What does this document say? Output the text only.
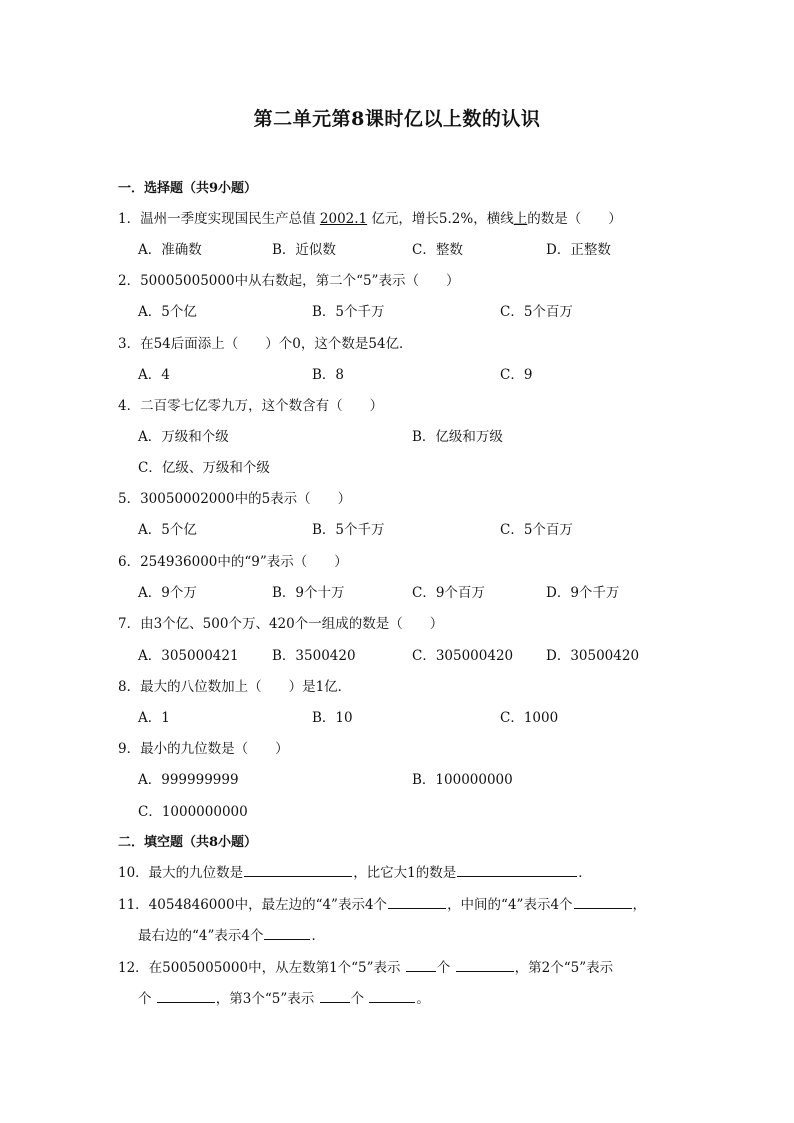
第二单元第8课时亿以上数的认识
一．选择题（共9小题）
1．温州一季度实现国民生产总值 2002.1 亿元，增长5.2%，横线上的数是（　　）
A．准确数	B．近似数	C．整数	D．正整数
2．50005005000中从右数起，第二个“5”表示（　　）
A．5个亿	B．5个千万	C．5个百万
3．在54后面添上（　　）个0，这个数是54亿．
A．4	B．8	C．9
4．二百零七亿零九万，这个数含有（　　）
A．万级和个级	B．亿级和万级
C．亿级、万级和个级
5．30050002000中的5表示（　　）
A．5个亿	B．5个千万	C．5个百万
6．254936000中的“9”表示（　　）
A．9个万	B．9个十万	C．9个百万	D．9个千万
7．由3个亿、500个万、420个一组成的数是（　　）
A．305000421 B．3500420	C．305000420 D．30500420
8．最大的八位数加上（　　）是1亿．
A．1	B．10	C．1000
9．最小的九位数是（　　）
A．999999999	B．100000000
C．1000000000
二．填空题（共8小题）
10．最大的九位数是	，比它大1的数是	．
11．4054846000中，最左边的“4”表示4个	，中间的“4”表示4个	，
最右边的“4”表示4个	．
12．在5005005000中，从左数第1个“5”表示 个	，第2个“5”表示
个	，第3个“5”表示 个	。
